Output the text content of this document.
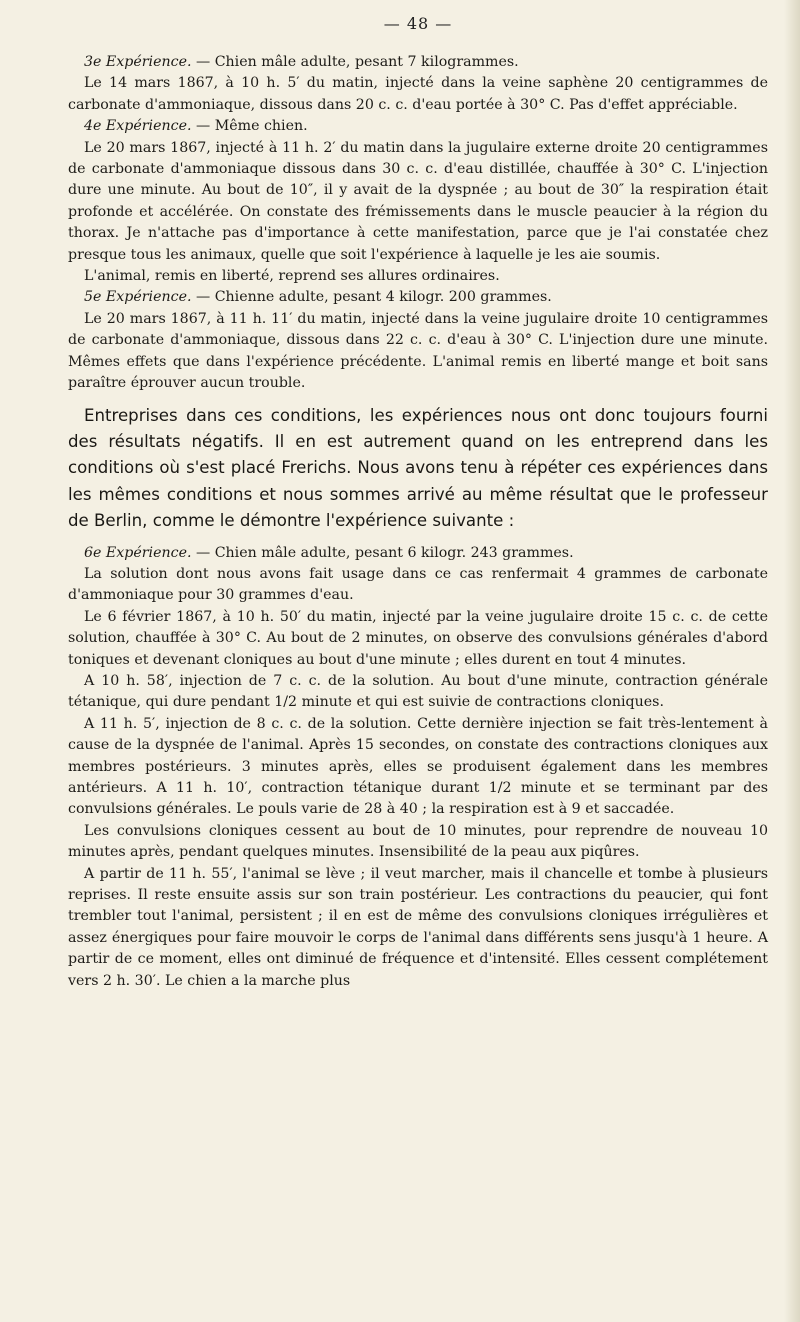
— 48 —

3e Expérience. — Chien mâle adulte, pesant 7 kilogrammes.

Le 14 mars 1867, à 10 h. 5′ du matin, injecté dans la veine saphène 20 centigrammes de carbonate d'ammoniaque, dissous dans 20 c. c. d'eau portée à 30° C. Pas d'effet appréciable.

4e Expérience. — Même chien.

Le 20 mars 1867, injecté à 11 h. 2′ du matin dans la jugulaire externe droite 20 centigrammes de carbonate d'ammoniaque dissous dans 30 c. c. d'eau distillée, chauffée à 30° C. L'injection dure une minute. Au bout de 10″, il y avait de la dyspnée ; au bout de 30″ la respiration était profonde et accélérée. On constate des frémissements dans le muscle peaucier à la région du thorax. Je n'attache pas d'importance à cette manifestation, parce que je l'ai constatée chez presque tous les animaux, quelle que soit l'expérience à laquelle je les aie soumis.

L'animal, remis en liberté, reprend ses allures ordinaires.

5e Expérience. — Chienne adulte, pesant 4 kilogr. 200 grammes.

Le 20 mars 1867, à 11 h. 11′ du matin, injecté dans la veine jugulaire droite 10 centigrammes de carbonate d'ammoniaque, dissous dans 22 c. c. d'eau à 30° C. L'injection dure une minute. Mêmes effets que dans l'expérience précédente. L'animal remis en liberté mange et boit sans paraître éprouver aucun trouble.

Entreprises dans ces conditions, les expériences nous ont donc toujours fourni des résultats négatifs. Il en est autrement quand on les entreprend dans les conditions où s'est placé Frerichs. Nous avons tenu à répéter ces expériences dans les mêmes conditions et nous sommes arrivé au même résultat que le professeur de Berlin, comme le démontre l'expérience suivante :

6e Expérience. — Chien mâle adulte, pesant 6 kilogr. 243 grammes.

La solution dont nous avons fait usage dans ce cas renfermait 4 grammes de carbonate d'ammoniaque pour 30 grammes d'eau.

Le 6 février 1867, à 10 h. 50′ du matin, injecté par la veine jugulaire droite 15 c. c. de cette solution, chauffée à 30° C. Au bout de 2 minutes, on observe des convulsions générales d'abord toniques et devenant cloniques au bout d'une minute ; elles durent en tout 4 minutes.

A 10 h. 58′, injection de 7 c. c. de la solution. Au bout d'une minute, contraction générale tétanique, qui dure pendant 1/2 minute et qui est suivie de contractions cloniques.

A 11 h. 5′, injection de 8 c. c. de la solution. Cette dernière injection se fait très-lentement à cause de la dyspnée de l'animal. Après 15 secondes, on constate des contractions cloniques aux membres postérieurs. 3 minutes après, elles se produisent également dans les membres antérieurs. A 11 h. 10′, contraction tétanique durant 1/2 minute et se terminant par des convulsions générales. Le pouls varie de 28 à 40 ; la respiration est à 9 et saccadée.

Les convulsions cloniques cessent au bout de 10 minutes, pour reprendre de nouveau 10 minutes après, pendant quelques minutes. Insensibilité de la peau aux piqûres.

A partir de 11 h. 55′, l'animal se lève ; il veut marcher, mais il chancelle et tombe à plusieurs reprises. Il reste ensuite assis sur son train postérieur. Les contractions du peaucier, qui font trembler tout l'animal, persistent ; il en est de même des convulsions cloniques irrégulières et assez énergiques pour faire mouvoir le corps de l'animal dans différents sens jusqu'à 1 heure. A partir de ce moment, elles ont diminué de fréquence et d'intensité. Elles cessent complétement vers 2 h. 30′. Le chien a la marche plus
